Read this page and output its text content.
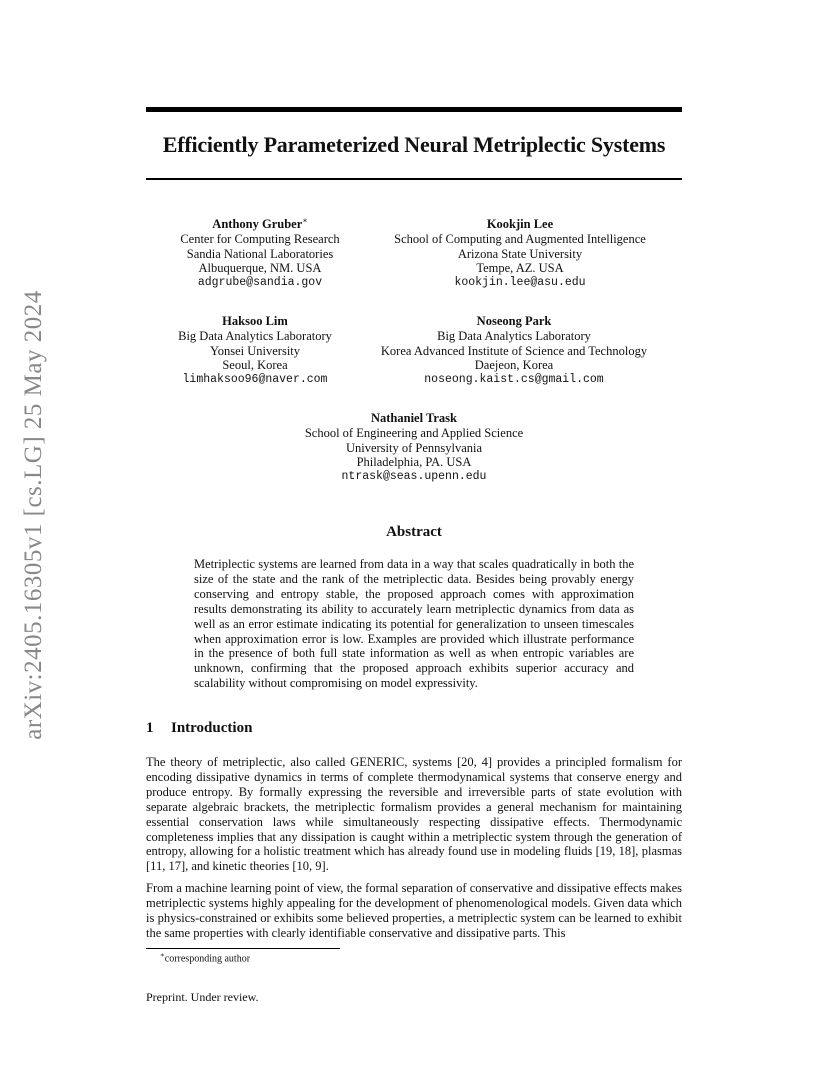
arXiv:2405.16305v1 [cs.LG] 25 May 2024
Efficiently Parameterized Neural Metriplectic Systems
Anthony Gruber∗
Center for Computing Research
Sandia National Laboratories
Albuquerque, NM. USA
adgrube@sandia.gov
Kookjin Lee
School of Computing and Augmented Intelligence
Arizona State University
Tempe, AZ. USA
kookjin.lee@asu.edu
Haksoo Lim
Big Data Analytics Laboratory
Yonsei University
Seoul, Korea
limhaksoo96@naver.com
Noseong Park
Big Data Analytics Laboratory
Korea Advanced Institute of Science and Technology
Daejeon, Korea
noseong.kaist.cs@gmail.com
Nathaniel Trask
School of Engineering and Applied Science
University of Pennsylvania
Philadelphia, PA. USA
ntrask@seas.upenn.edu
Abstract

Metriplectic systems are learned from data in a way that scales quadratically in both the size of the state and the rank of the metriplectic data. Besides being provably energy conserving and entropy stable, the proposed approach comes with approximation results demonstrating its ability to accurately learn metriplectic dynamics from data as well as an error estimate indicating its potential for generalization to unseen timescales when approximation error is low. Examples are provided which illustrate performance in the presence of both full state information as well as when entropic variables are unknown, confirming that the proposed approach exhibits superior accuracy and scalability without compromising on model expressivity.

1 Introduction

The theory of metriplectic, also called GENERIC, systems [20, 4] provides a principled formalism for encoding dissipative dynamics in terms of complete thermodynamical systems that conserve energy and produce entropy. By formally expressing the reversible and irreversible parts of state evolution with separate algebraic brackets, the metriplectic formalism provides a general mechanism for maintaining essential conservation laws while simultaneously respecting dissipative effects. Thermodynamic completeness implies that any dissipation is caught within a metriplectic system through the generation of entropy, allowing for a holistic treatment which has already found use in modeling fluids [19, 18], plasmas [11, 17], and kinetic theories [10, 9].

From a machine learning point of view, the formal separation of conservative and dissipative effects makes metriplectic systems highly appealing for the development of phenomenological models. Given data which is physics-constrained or exhibits some believed properties, a metriplectic system can be learned to exhibit the same properties with clearly identifiable conservative and dissipative parts. This

∗corresponding author

Preprint. Under review.
